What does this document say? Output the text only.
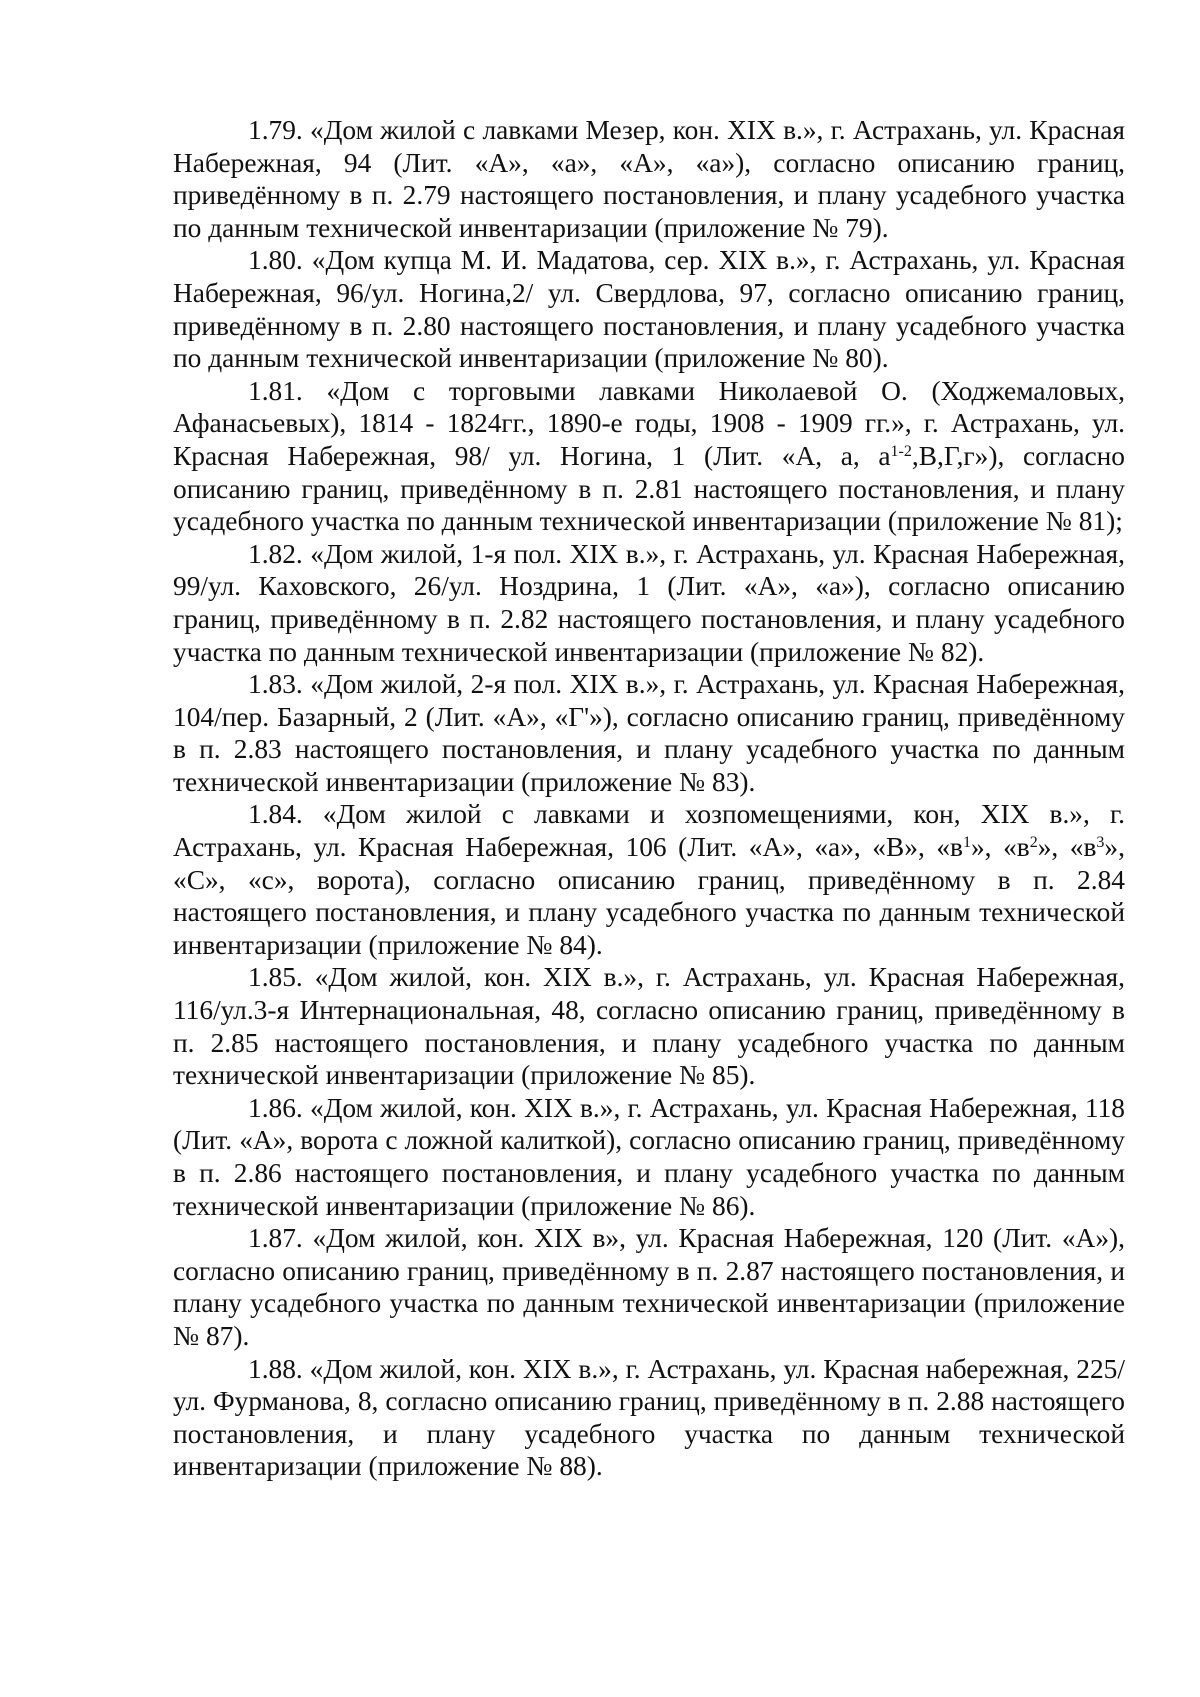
1.79. «Дом жилой с лавками Мезер, кон. XIX в.», г. Астрахань, ул. Красная Набережная, 94 (Лит. «А», «а», «А», «а»), согласно описанию границ, приведённому в п. 2.79 настоящего постановления, и плану усадебного участка по данным технической инвентаризации (приложение № 79).

1.80. «Дом купца М. И. Мадатова, сер. XIX в.», г. Астрахань, ул. Красная Набережная, 96/ул. Ногина,2/ ул. Свердлова, 97, согласно описанию границ, приведённому в п. 2.80 настоящего постановления, и плану усадебного участка по данным технической инвентаризации (приложение № 80).

1.81. «Дом с торговыми лавками Николаевой О. (Ходжемаловых, Афанасьевых), 1814 - 1824гг., 1890-е годы, 1908 - 1909 гг.», г. Астрахань, ул. Красная Набережная, 98/ ул. Ногина, 1 (Лит. «А, а, $а^{1-2},В,Г,г$»), согласно описанию границ, приведённому в п. 2.81 настоящего постановления, и плану усадебного участка по данным технической инвентаризации (приложение № 81);

1.82. «Дом жилой, 1-я пол. XIX в.», г. Астрахань, ул. Красная Набережная, 99/ул. Каховского, 26/ул. Ноздрина, 1 (Лит. «А», «а»), согласно описанию границ, приведённому в п. 2.82 настоящего постановления, и плану усадебного участка по данным технической инвентаризации (приложение № 82).

1.83. «Дом жилой, 2-я пол. XIX в.», г. Астрахань, ул. Красная Набережная, 104/пер. Базарный, 2 (Лит. «А», «Г'»), согласно описанию границ, приведённому в п. 2.83 настоящего постановления, и плану усадебного участка по данным технической инвентаризации (приложение № 83).

1.84. «Дом жилой с лавками и хозпомещениями, кон, XIX в.», г. Астрахань, ул. Красная Набережная, 106 (Лит. «А», «а», «В», «$в^1$», «$в^2$», «$в^3$», «С», «с», ворота), согласно описанию границ, приведённому в п. 2.84 настоящего постановления, и плану усадебного участка по данным технической инвентаризации (приложение № 84).

1.85. «Дом жилой, кон. XIX в.», г. Астрахань, ул. Красная Набережная, 116/ул.3-я Интернациональная, 48, согласно описанию границ, приведённому в п. 2.85 настоящего постановления, и плану усадебного участка по данным технической инвентаризации (приложение № 85).

1.86. «Дом жилой, кон. XIX в.», г. Астрахань, ул. Красная Набережная, 118 (Лит. «А», ворота с ложной калиткой), согласно описанию границ, приведённому в п. 2.86 настоящего постановления, и плану усадебного участка по данным технической инвентаризации (приложение № 86).

1.87. «Дом жилой, кон. XIX в», ул. Красная Набережная, 120 (Лит. «А»), согласно описанию границ, приведённому в п. 2.87 настоящего постановления, и плану усадебного участка по данным технической инвентаризации (приложение № 87).

1.88. «Дом жилой, кон. XIX в.», г. Астрахань, ул. Красная набережная, 225/ул. Фурманова, 8, согласно описанию границ, приведённому в п. 2.88 настоящего постановления, и плану усадебного участка по данным технической инвентаризации (приложение № 88).
